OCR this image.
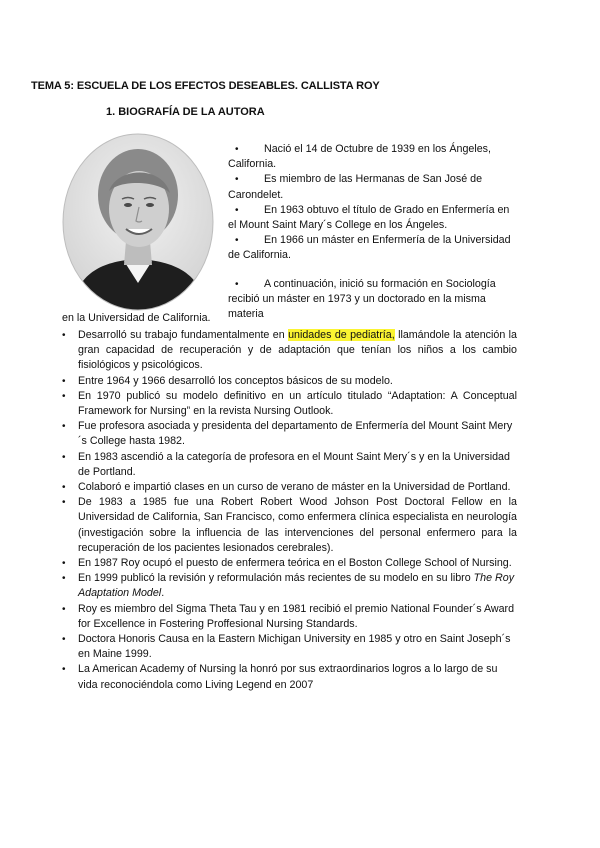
TEMA 5: ESCUELA DE LOS EFECTOS DESEABLES. CALLISTA ROY
1. BIOGRAFÍA DE LA AUTORA
•	Nació el 14 de Octubre de 1939 en los Ángeles, California.
•	Es miembro de las Hermanas de San José de Carondelet.
•	En 1963 obtuvo el título de Grado en Enfermería en el Mount Saint Mary´s College en los Ángeles.
•	En 1966 un máster en Enfermería de la Universidad de California.
•	A continuación, inició su formación en Sociología recibió un máster en 1973 y un doctorado en la misma materia
en la Universidad de California.
• Desarrolló su trabajo fundamentalmente en unidades de pediatría, llamándole la atención la gran capacidad de recuperación y de adaptación que tenían los niños a los cambio fisiológicos y psicológicos.
• Entre 1964 y 1966 desarrolló los conceptos básicos de su modelo.
• En 1970 publicó su modelo definitivo en un artículo titulado “Adaptation: A Conceptual Framework for Nursing” en la revista Nursing Outlook.
• Fue profesora asociada y presidenta del departamento de Enfermería del Mount Saint Mery´s College hasta 1982.
• En 1983 ascendió a la categoría de profesora en el Mount Saint Mery´s y en la Universidad de Portland.
• Colaboró e impartió clases en un curso de verano de máster en la Universidad de Portland.
• De 1983 a 1985 fue una Robert Robert Wood Johson Post Doctoral Fellow en la Universidad de California, San Francisco, como enfermera clínica especialista en neurología (investigación sobre la influencia de las intervenciones del personal enfermero para la recuperación de los pacientes lesionados cerebrales).
• En 1987 Roy ocupó el puesto de enfermera teórica en el Boston College School of Nursing.
• En 1999 publicó la revisión y reformulación más recientes de su modelo en su libro The Roy Adaptation Model.
• Roy es miembro del Sigma Theta Tau y en 1981 recibió el premio National Founder´s Award for Excellence in Fostering Proffesional Nursing Standards.
• Doctora Honoris Causa en la Eastern Michigan University en 1985 y otro en Saint Joseph´s en Maine 1999.
• La American Academy of Nursing la honró por sus extraordinarios logros a lo largo de su vida reconociéndola como Living Legend en 2007
